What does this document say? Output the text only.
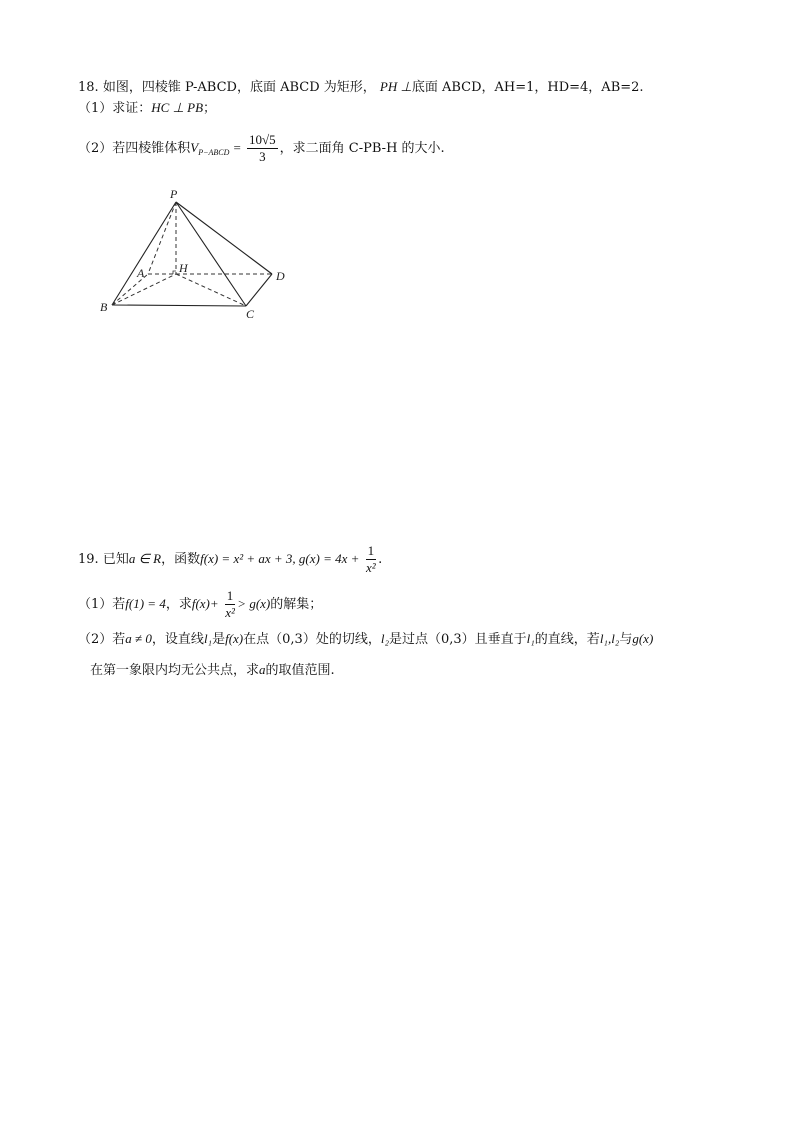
18. 如图，四棱锥 P-ABCD，底面 ABCD 为矩形， PH ⊥底面 ABCD，AH=1，HD=4，AB=2.
（1）求证：HC ⊥ PB；
（2）若四棱锥体积$V_{P-ABCD} = \frac{10√5}{3}$ ，求二面角 C-PB-H 的大小.
P
A	H
D
B	C
19. 已知a ∈ R，函数f(x) = x² + ax + 3, $g(x) = 4x + \frac{1}{\text{x²}}$ .
（1）若f(1) = 4，求$f(x)+ \frac{1}{\text{x²}} > g(x)$的解集；
（2）若a ≠ 0，设直线l₁是f(x)在点（0,3）处的切线，l₂是过点（0,3）且垂直于l₁的直线，若l₁,l₂与g(x)
在第一象限内均无公共点，求a的取值范围.
